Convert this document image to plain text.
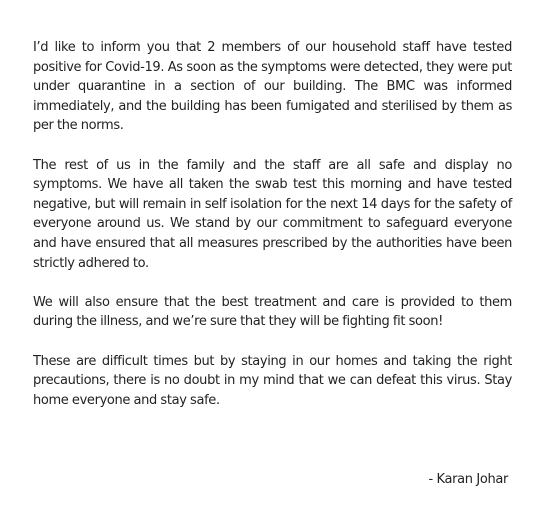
I’d like to inform you that 2 members of our household staff have tested positive for Covid-19. As soon as the symptoms were detected, they were put under quarantine in a section of our building. The BMC was informed immediately, and the building has been fumigated and sterilised by them as per the norms.

The rest of us in the family and the staff are all safe and display no symptoms. We have all taken the swab test this morning and have tested negative, but will remain in self isolation for the next 14 days for the safety of everyone around us. We stand by our commitment to safeguard everyone and have ensured that all measures prescribed by the authorities have been strictly adhered to.

We will also ensure that the best treatment and care is provided to them during the illness, and we’re sure that they will be fighting fit soon!

These are difficult times but by staying in our homes and taking the right precautions, there is no doubt in my mind that we can defeat this virus. Stay home everyone and stay safe.

- Karan Johar
